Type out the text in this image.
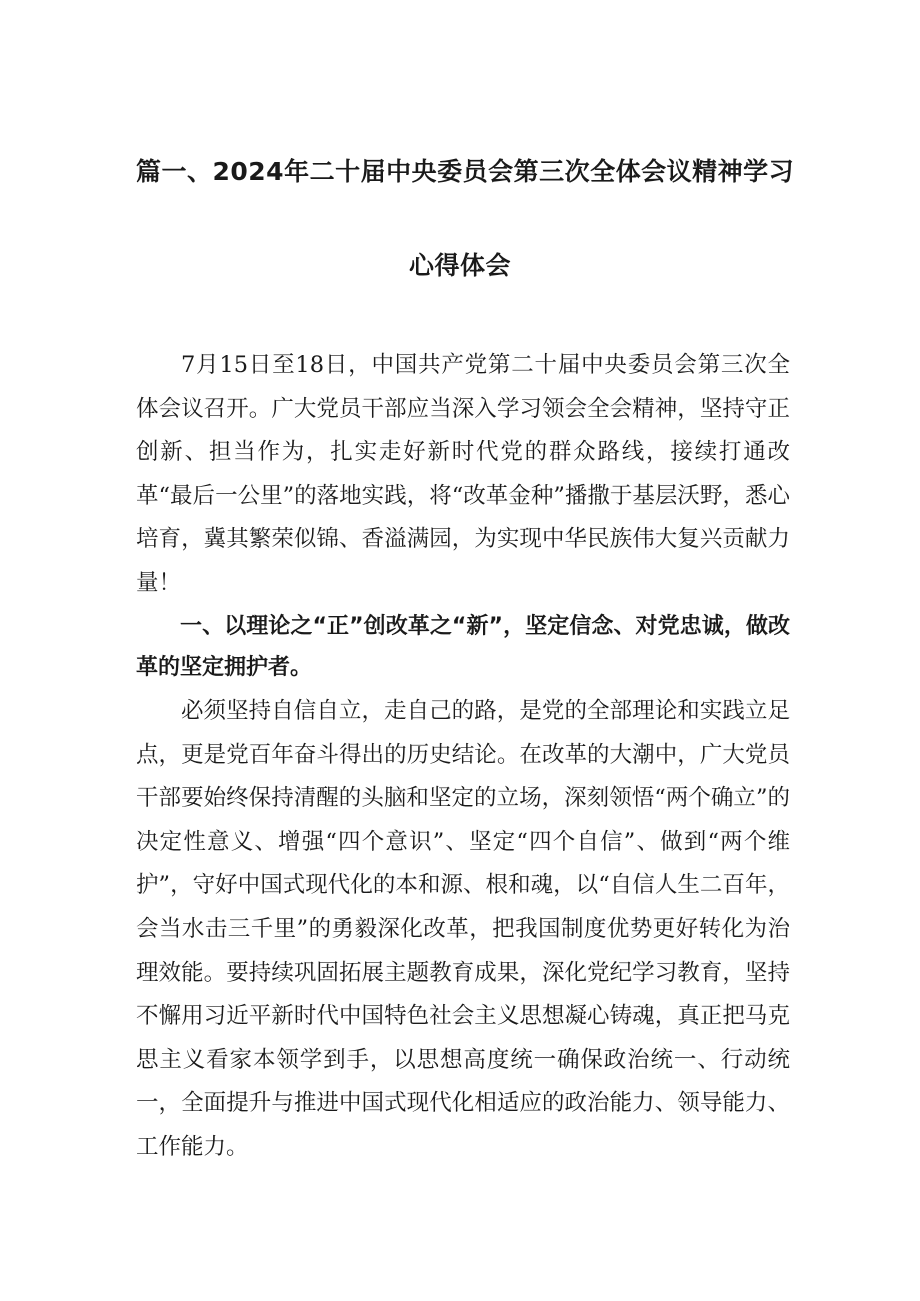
篇一、2024年二十届中央委员会第三次全体会议精神学习
心得体会

7月15日至18日，中国共产党第二十届中央委员会第三次全体会议召开。广大党员干部应当深入学习领会全会精神，坚持守正创新、担当作为，扎实走好新时代党的群众路线，接续打通改革“最后一公里”的落地实践，将“改革金种”播撒于基层沃野，悉心培育，冀其繁荣似锦、香溢满园，为实现中华民族伟大复兴贡献力量！

一、以理论之“正”创改革之“新”，坚定信念、对党忠诚，做改革的坚定拥护者。

必须坚持自信自立，走自己的路，是党的全部理论和实践立足点，更是党百年奋斗得出的历史结论。在改革的大潮中，广大党员干部要始终保持清醒的头脑和坚定的立场，深刻领悟“两个确立”的决定性意义、增强“四个意识”、坚定“四个自信”、做到“两个维护”，守好中国式现代化的本和源、根和魂，以“自信人生二百年，会当水击三千里”的勇毅深化改革，把我国制度优势更好转化为治理效能。要持续巩固拓展主题教育成果，深化党纪学习教育，坚持不懈用习近平新时代中国特色社会主义思想凝心铸魂，真正把马克思主义看家本领学到手，以思想高度统一确保政治统一、行动统一，全面提升与推进中国式现代化相适应的政治能力、领导能力、工作能力。
